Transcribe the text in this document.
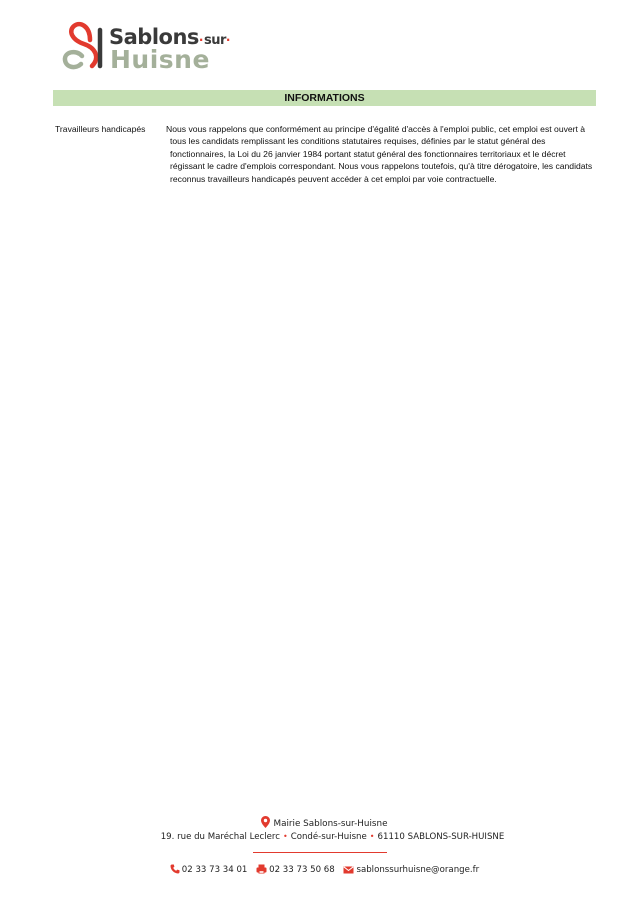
Sablons·sur·
Huisne
INFORMATIONS
Travailleurs handicapés Nous vous rappelons que conformément au principe d'égalité d'accès à l'emploi public, cet emploi est ouvert à tous les candidats remplissant les conditions statutaires requises, définies par le statut général des fonctionnaires, la Loi du 26 janvier 1984 portant statut général des fonctionnaires territoriaux et le décret régissant le cadre d'emplois correspondant. Nous vous rappelons toutefois, qu'à titre dérogatoire, les candidats reconnus travailleurs handicapés peuvent accéder à cet emploi par voie contractuelle.
Mairie Sablons-sur-Huisne
19. rue du Maréchal Leclerc • Condé-sur-Huisne • 61110 SABLONS-SUR-HUISNE
02 33 73 34 01	02 33 73 50 68	sablonssurhuisne@orange.fr
